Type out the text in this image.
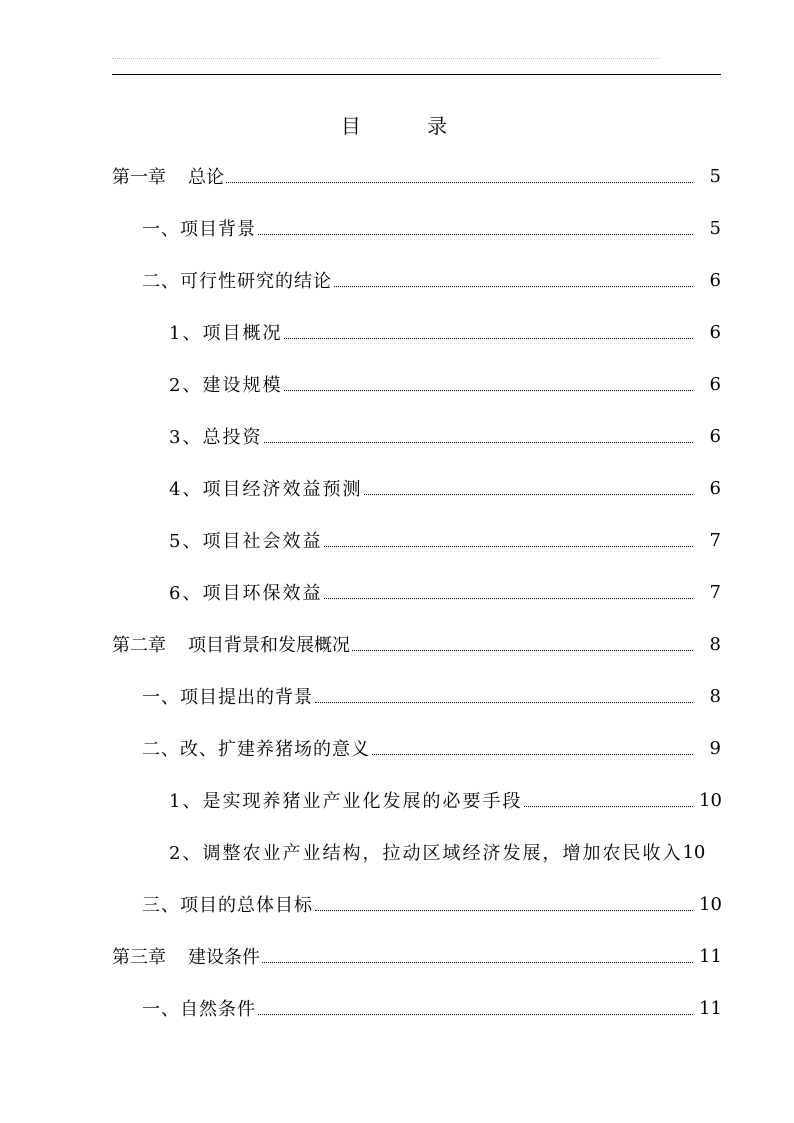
目 录
第一章 总论	5
一、项目背景	5
二、可行性研究的结论	6
1、项目概况	6
2、建设规模	6
3、总投资	6
4、项目经济效益预测	6
5、项目社会效益	7
6、项目环保效益	7
第二章 项目背景和发展概况	8
一、项目提出的背景	8
二、改、扩建养猪场的意义	9
1、是实现养猪业产业化发展的必要手段	10
2、调整农业产业结构，拉动区域经济发展，增加农民收入 10
三、项目的总体目标	10
第三章 建设条件	11
一、自然条件	11
